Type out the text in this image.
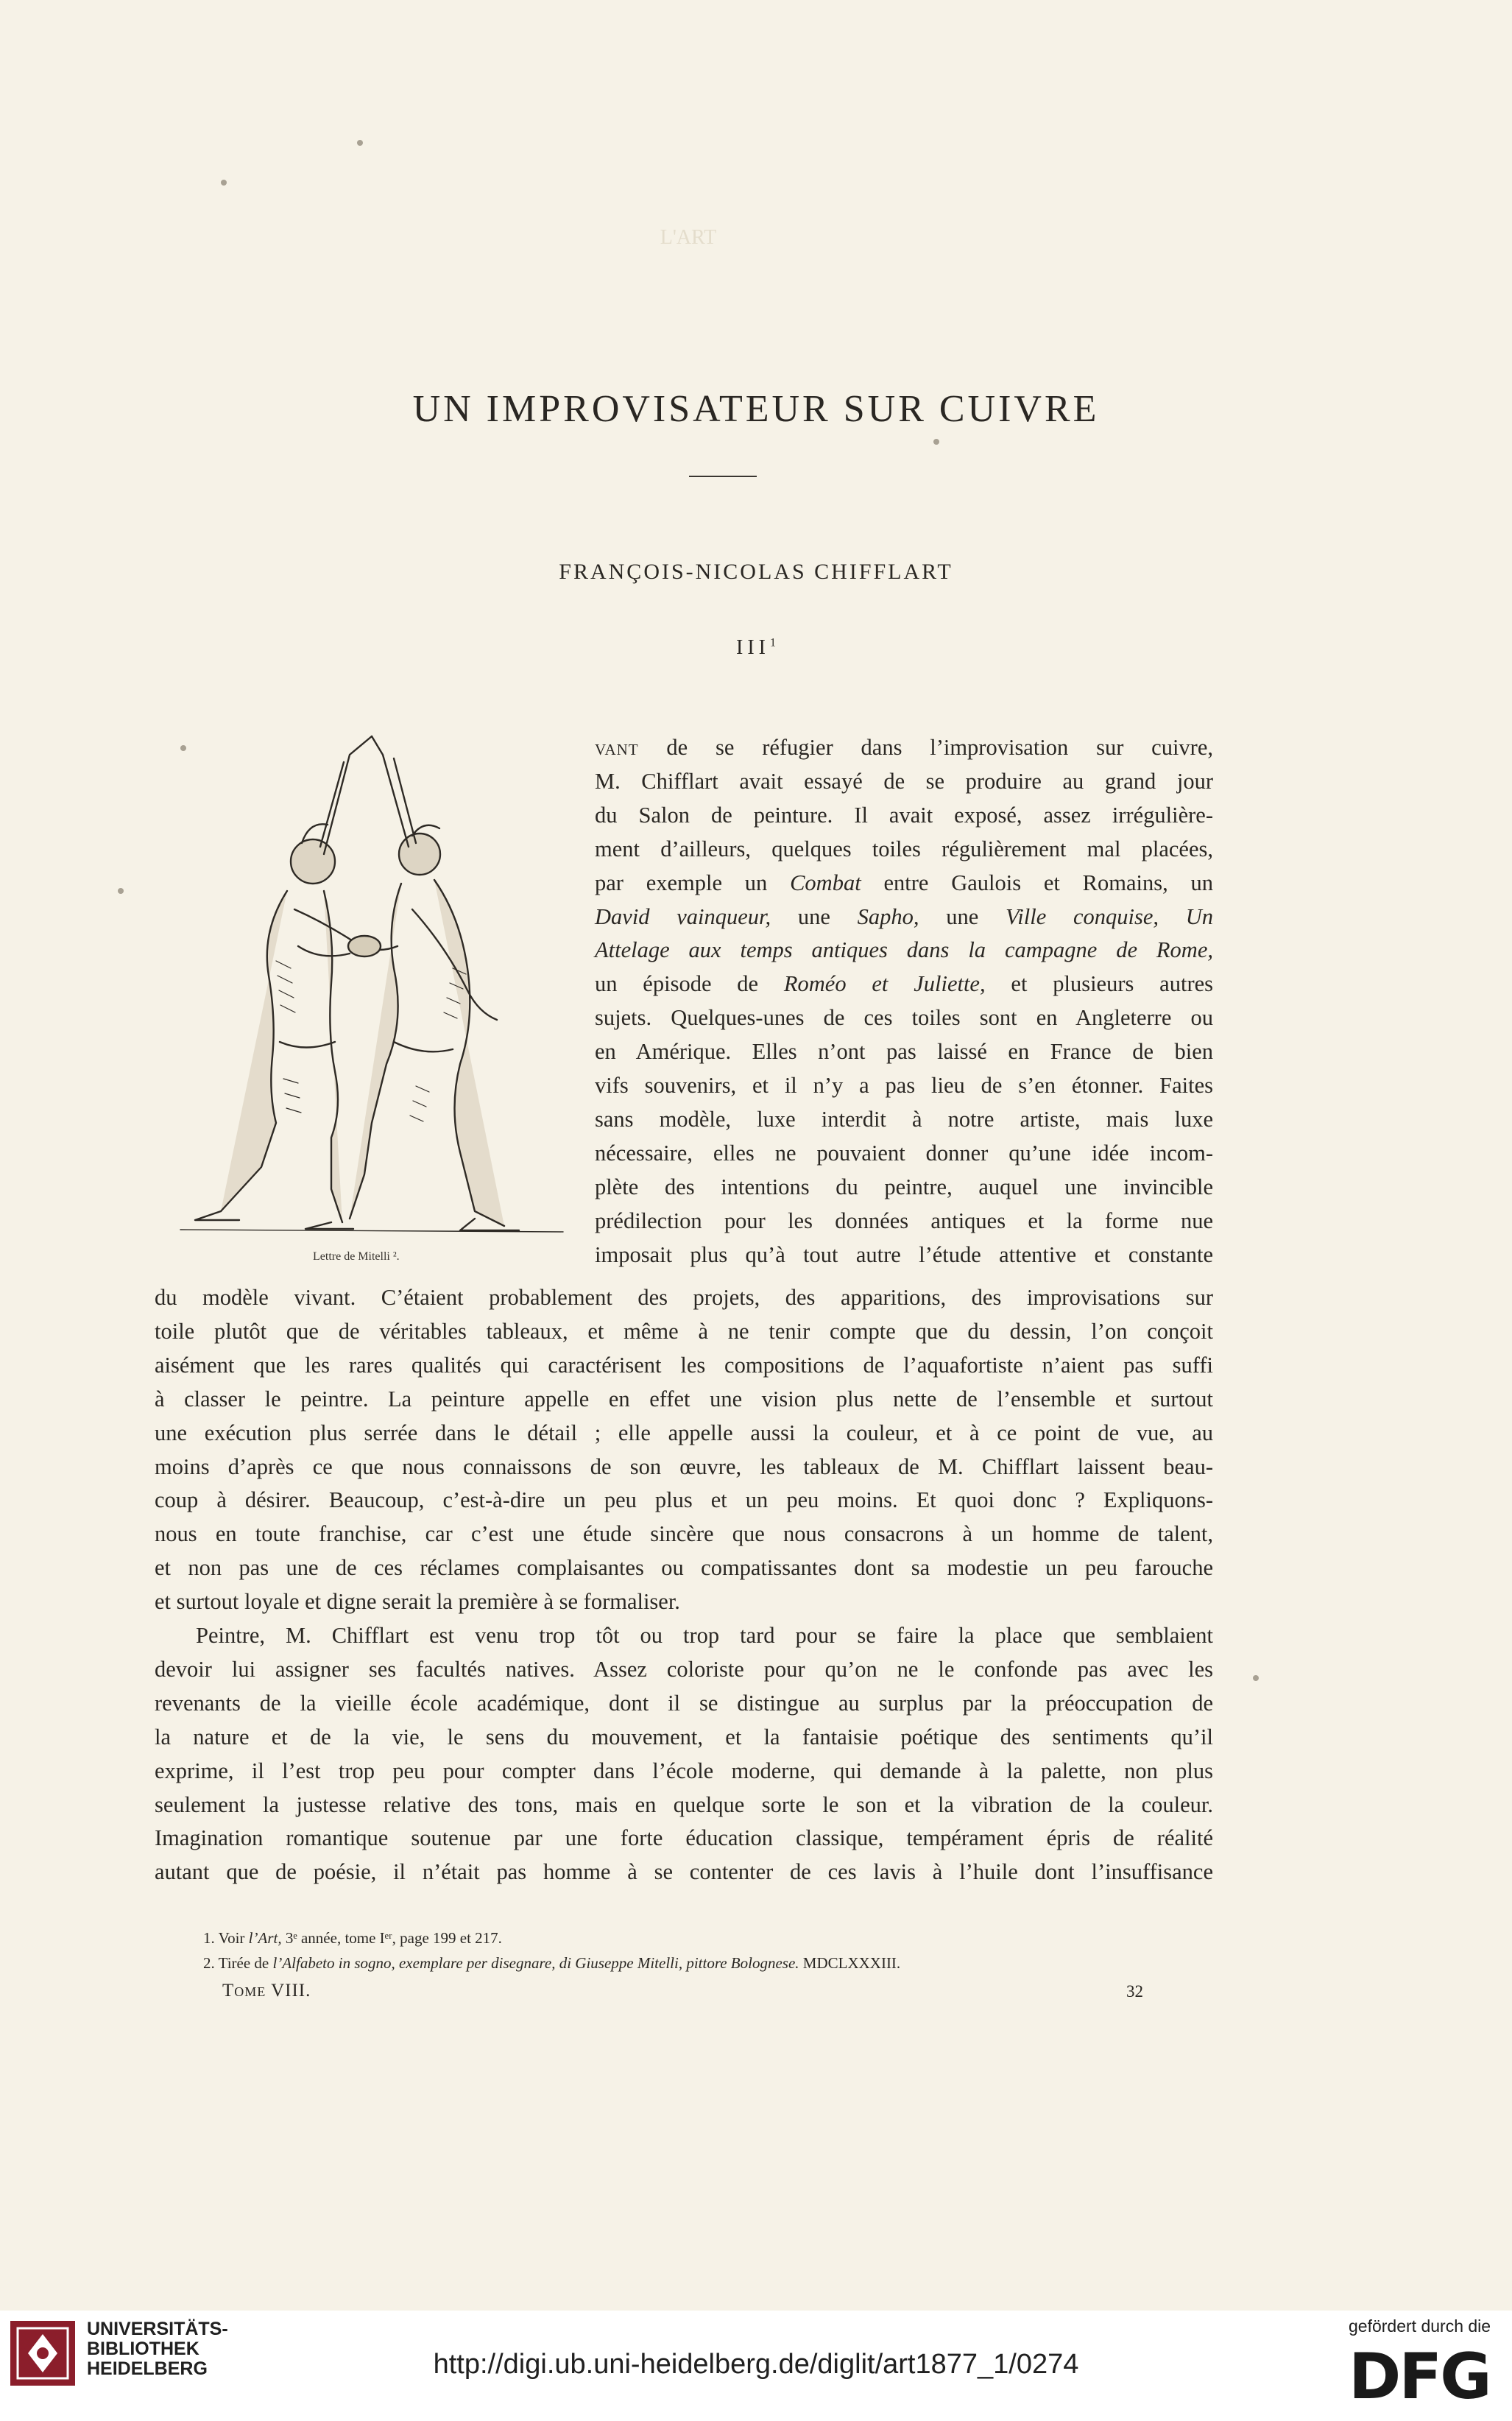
L'ART
UN IMPROVISATEUR SUR CUIVRE
FRANÇOIS-NICOLAS CHIFFLART
III$^1$
Lettre de Mitelli ².
vant de se réfugier dans l’improvisation sur cuivre,
M. Chifflart avait essayé de se produire au grand jour
du Salon de peinture. Il avait exposé, assez irrégulière-
ment d’ailleurs, quelques toiles régulièrement mal placées,
par exemple un Combat entre Gaulois et Romains, un
David vainqueur, une Sapho, une Ville conquise, Un
Attelage aux temps antiques dans la campagne de Rome,
un épisode de Roméo et Juliette, et plusieurs autres
sujets. Quelques-unes de ces toiles sont en Angleterre ou
en Amérique. Elles n’ont pas laissé en France de bien
vifs souvenirs, et il n’y a pas lieu de s’en étonner. Faites
sans modèle, luxe interdit à notre artiste, mais luxe
nécessaire, elles ne pouvaient donner qu’une idée incom-
plète des intentions du peintre, auquel une invincible
prédilection pour les données antiques et la forme nue
imposait plus qu’à tout autre l’étude attentive et constante
du modèle vivant. C’étaient probablement des projets, des apparitions, des improvisations sur
toile plutôt que de véritables tableaux, et même à ne tenir compte que du dessin, l’on conçoit
aisément que les rares qualités qui caractérisent les compositions de l’aquafortiste n’aient pas suffi
à classer le peintre. La peinture appelle en effet une vision plus nette de l’ensemble et surtout
une exécution plus serrée dans le détail ; elle appelle aussi la couleur, et à ce point de vue, au
moins d’après ce que nous connaissons de son œuvre, les tableaux de M. Chifflart laissent beau-
coup à désirer. Beaucoup, c’est-à-dire un peu plus et un peu moins. Et quoi donc ? Expliquons-
nous en toute franchise, car c’est une étude sincère que nous consacrons à un homme de talent,
et non pas une de ces réclames complaisantes ou compatissantes dont sa modestie un peu farouche
et surtout loyale et digne serait la première à se formaliser.
Peintre, M. Chifflart est venu trop tôt ou trop tard pour se faire la place que semblaient
devoir lui assigner ses facultés natives. Assez coloriste pour qu’on ne le confonde pas avec les
revenants de la vieille école académique, dont il se distingue au surplus par la préoccupation de
la nature et de la vie, le sens du mouvement, et la fantaisie poétique des sentiments qu’il
exprime, il l’est trop peu pour compter dans l’école moderne, qui demande à la palette, non plus
seulement la justesse relative des tons, mais en quelque sorte le son et la vibration de la couleur.
Imagination romantique soutenue par une forte éducation classique, tempérament épris de réalité
autant que de poésie, il n’était pas homme à se contenter de ces lavis à l’huile dont l’insuffisance
1. Voir l’Art, 3ᵉ année, tome Iᵉʳ, page 199 et 217.
2. Tirée de l’Alfabeto in sogno, exemplare per disegnare, di Giuseppe Mitelli, pittore Bolognese. MDCLXXXIII.
Tome VIII.	32
UNIVERSITÄTS-
BIBLIOTHEK
HEIDELBERG	http://digi.ub.uni-heidelberg.de/diglit/art1877_1/0274
gefördert durch die
DFG
